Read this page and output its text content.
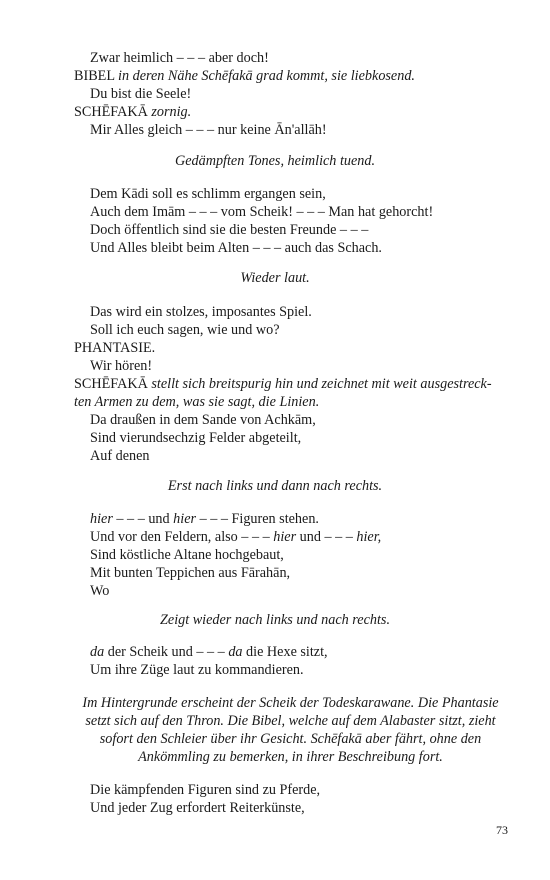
Zwar heimlich – – – aber doch!
BIBEL in deren Nähe Schēfakā grad kommt, sie liebkosend.
Du bist die Seele!
SCHĒFAKĀ zornig.
Mir Alles gleich – – – nur keine Ān'allāh!
Gedämpften Tones, heimlich tuend.
Dem Kādi soll es schlimm ergangen sein,
Auch dem Imām – – – vom Scheik! – – – Man hat gehorcht!
Doch öffentlich sind sie die besten Freunde – – –
Und Alles bleibt beim Alten – – – auch das Schach.
Wieder laut.
Das wird ein stolzes, imposantes Spiel.
Soll ich euch sagen, wie und wo?
PHANTASIE.
Wir hören!
SCHĒFAKĀ stellt sich breitspurig hin und zeichnet mit weit ausgestreck-
ten Armen zu dem, was sie sagt, die Linien.
Da draußen in dem Sande von Achkām,
Sind vierundsechzig Felder abgeteilt,
Auf denen
Erst nach links und dann nach rechts.
hier – – – und hier – – – Figuren stehen.
Und vor den Feldern, also – – – hier und – – – hier,
Sind köstliche Altane hochgebaut,
Mit bunten Teppichen aus Fārahān,
Wo
Zeigt wieder nach links und nach rechts.
da der Scheik und – – – da die Hexe sitzt,
Um ihre Züge laut zu kommandieren.
Im Hintergrunde erscheint der Scheik der Todeskarawane. Die Phantasie
setzt sich auf den Thron. Die Bibel, welche auf dem Alabaster sitzt, zieht
sofort den Schleier über ihr Gesicht. Schēfakā aber fährt, ohne den
Ankömmling zu bemerken, in ihrer Beschreibung fort.
Die kämpfenden Figuren sind zu Pferde,
Und jeder Zug erfordert Reiterkünste,
73
